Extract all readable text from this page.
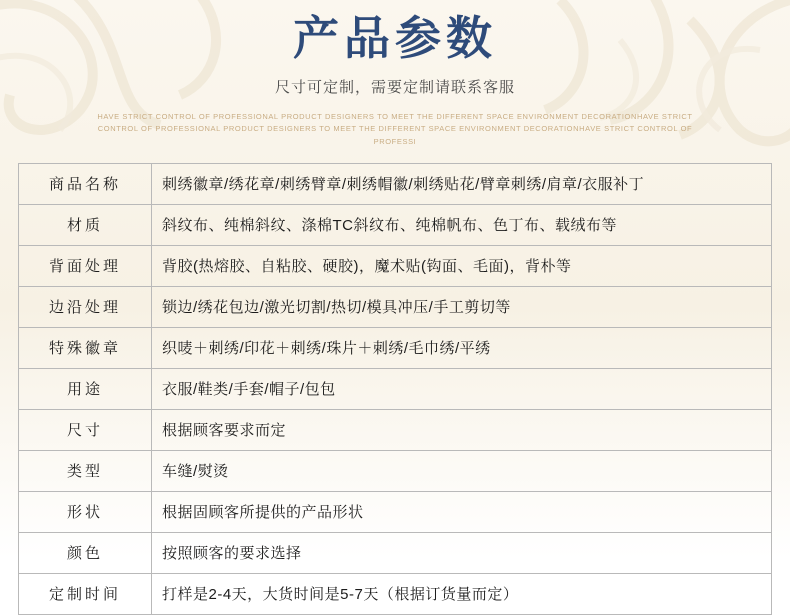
产品参数
尺寸可定制，需要定制请联系客服
HAVE STRICT CONTROL OF PROFESSIONAL PRODUCT DESIGNERS TO MEET THE DIFFERENT SPACE ENVIRONMENT DECORATIONHAVE STRICT CONTROL OF PROFESSIONAL PRODUCT DESIGNERS TO MEET THE DIFFERENT SPACE ENVIRONMENT DECORATIONHAVE STRICT CONTROL OF PROFESSI
商品名称	刺绣徽章/绣花章/刺绣臂章/刺绣帽徽/刺绣贴花/臂章刺绣/肩章/衣服补丁
材质	斜纹布、纯棉斜纹、涤棉TC斜纹布、纯棉帆布、色丁布、载绒布等
背面处理	背胶(热熔胶、自粘胶、硬胶)，魔术贴(钩面、毛面)，背朴等
边沿处理	锁边/绣花包边/激光切割/热切/模具冲压/手工剪切等
特殊徽章	织唛＋刺绣/印花＋刺绣/珠片＋刺绣/毛巾绣/平绣
用途	衣服/鞋类/手套/帽子/包包
尺寸	根据顾客要求而定
类型	车缝/熨烫
形状	根据固顾客所提供的产品形状
颜色	按照顾客的要求选择
定制时间	打样是2-4天，大货时间是5-7天（根据订货量而定）
